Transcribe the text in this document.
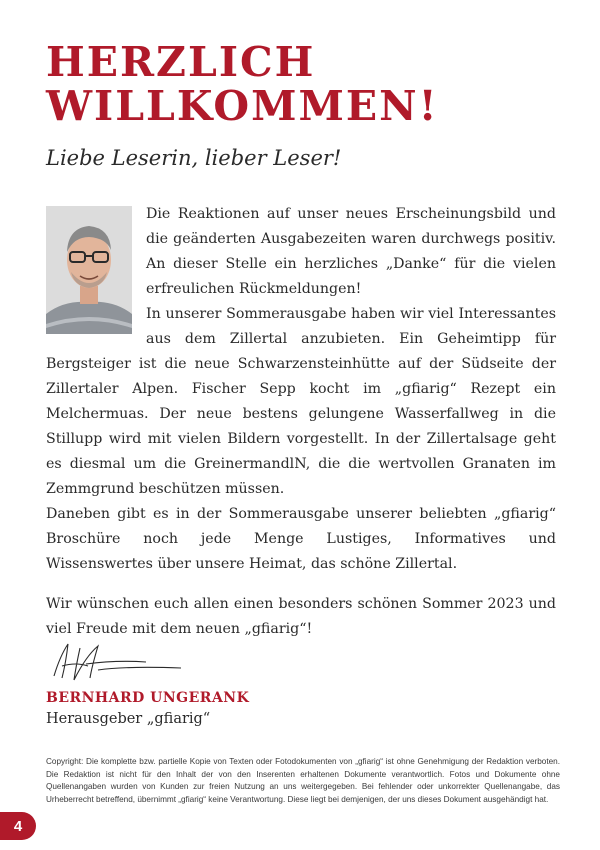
HERZLICH
WILLKOMMEN!
Liebe Leserin, lieber Leser!

Die Reaktionen auf unser neues Erscheinungsbild und die geänderten Ausgabezeiten waren durchwegs positiv. An dieser Stelle ein herzliches „Danke“ für die vielen erfreulichen Rückmeldungen!

In unserer Sommerausgabe haben wir viel Interessantes aus dem Zillertal anzubieten. Ein Geheimtipp für Bergsteiger ist die neue Schwarzensteinhütte auf der Südseite der Zillertaler Alpen. Fischer Sepp kocht im „gfiarig“ Rezept ein Melchermuas. Der neue bestens gelungene Wasserfallweg in die Stillupp wird mit vielen Bildern vorgestellt. In der Zillertalsage geht es diesmal um die GreinermandlN, die die wertvollen Granaten im Zemmgrund beschützen müssen.

Daneben gibt es in der Sommerausgabe unserer beliebten „gfiarig“ Broschüre noch jede Menge Lustiges, Informatives und Wissenswertes über unsere Heimat, das schöne Zillertal.

Wir wünschen euch allen einen besonders schönen Sommer 2023 und viel Freude mit dem neuen „gfiarig“!
BERNHARD UNGERANK
Herausgeber „gfiarig“
Copyright: Die komplette bzw. partielle Kopie von Texten oder Fotodokumenten von „gfiarig“ ist ohne Genehmigung der Redaktion verboten. Die Redaktion ist nicht für den Inhalt der von den Inserenten erhaltenen Dokumente verantwortlich. Fotos und Dokumente ohne Quellenangaben wurden von Kunden zur freien Nutzung an uns weitergegeben. Bei fehlender oder unkorrekter Quellenangabe, das Urheberrecht betreffend, übernimmt „gfiarig“ keine Verantwortung. Diese liegt bei demjenigen, der uns dieses Dokument ausgehändigt hat.
4
